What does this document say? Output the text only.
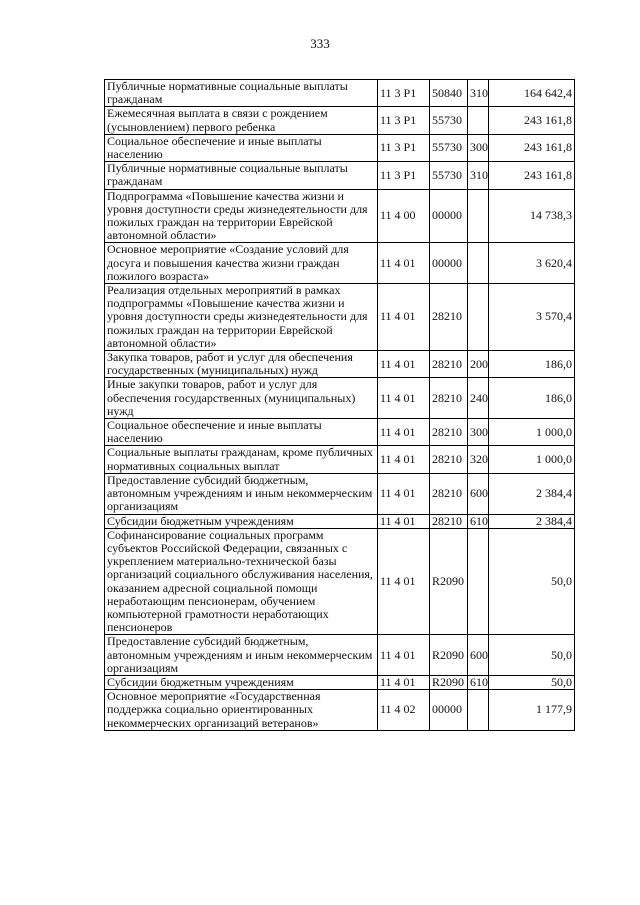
333
Публичные нормативные социальные выплаты гражданам	11 3 P1	50840	310	164 642,4
Ежемесячная выплата в связи с рождением (усыновлением) первого ребенка	11 3 P1	55730		243 161,8
Социальное обеспечение и иные выплаты населению	11 3 P1	55730	300	243 161,8
Публичные нормативные социальные выплаты гражданам	11 3 P1	55730	310	243 161,8
Подпрограмма «Повышение качества жизни и уровня доступности среды жизнедеятельности для пожилых граждан на территории Еврейской автономной области»	11 4 00	00000		14 738,3
Основное мероприятие «Создание условий для досуга и повышения качества жизни граждан пожилого возраста»	11 4 01	00000		3 620,4
Реализация отдельных мероприятий в рамках подпрограммы «Повышение качества жизни и уровня доступности среды жизнедеятельности для пожилых граждан на территории Еврейской автономной области»	11 4 01	28210		3 570,4
Закупка товаров, работ и услуг для обеспечения государственных (муниципальных) нужд	11 4 01	28210	200	186,0
Иные закупки товаров, работ и услуг для обеспечения государственных (муниципальных) нужд	11 4 01	28210	240	186,0
Социальное обеспечение и иные выплаты населению	11 4 01	28210	300	1 000,0
Социальные выплаты гражданам, кроме публичных нормативных социальных выплат	11 4 01	28210	320	1 000,0
Предоставление субсидий бюджетным, автономным учреждениям и иным некоммерческим организациям	11 4 01	28210	600	2 384,4
Субсидии бюджетным учреждениям	11 4 01	28210	610	2 384,4
Софинансирование социальных программ субъектов Российской Федерации, связанных с укреплением материально-технической базы организаций социального обслуживания населения, оказанием адресной социальной помощи неработающим пенсионерам, обучением компьютерной грамотности неработающих пенсионеров	11 4 01	R2090		50,0
Предоставление субсидий бюджетным, автономным учреждениям и иным некоммерческим организациям	11 4 01	R2090	600	50,0
Субсидии бюджетным учреждениям	11 4 01	R2090	610	50,0
Основное мероприятие «Государственная поддержка социально ориентированных некоммерческих организаций ветеранов»	11 4 02	00000		1 177,9
